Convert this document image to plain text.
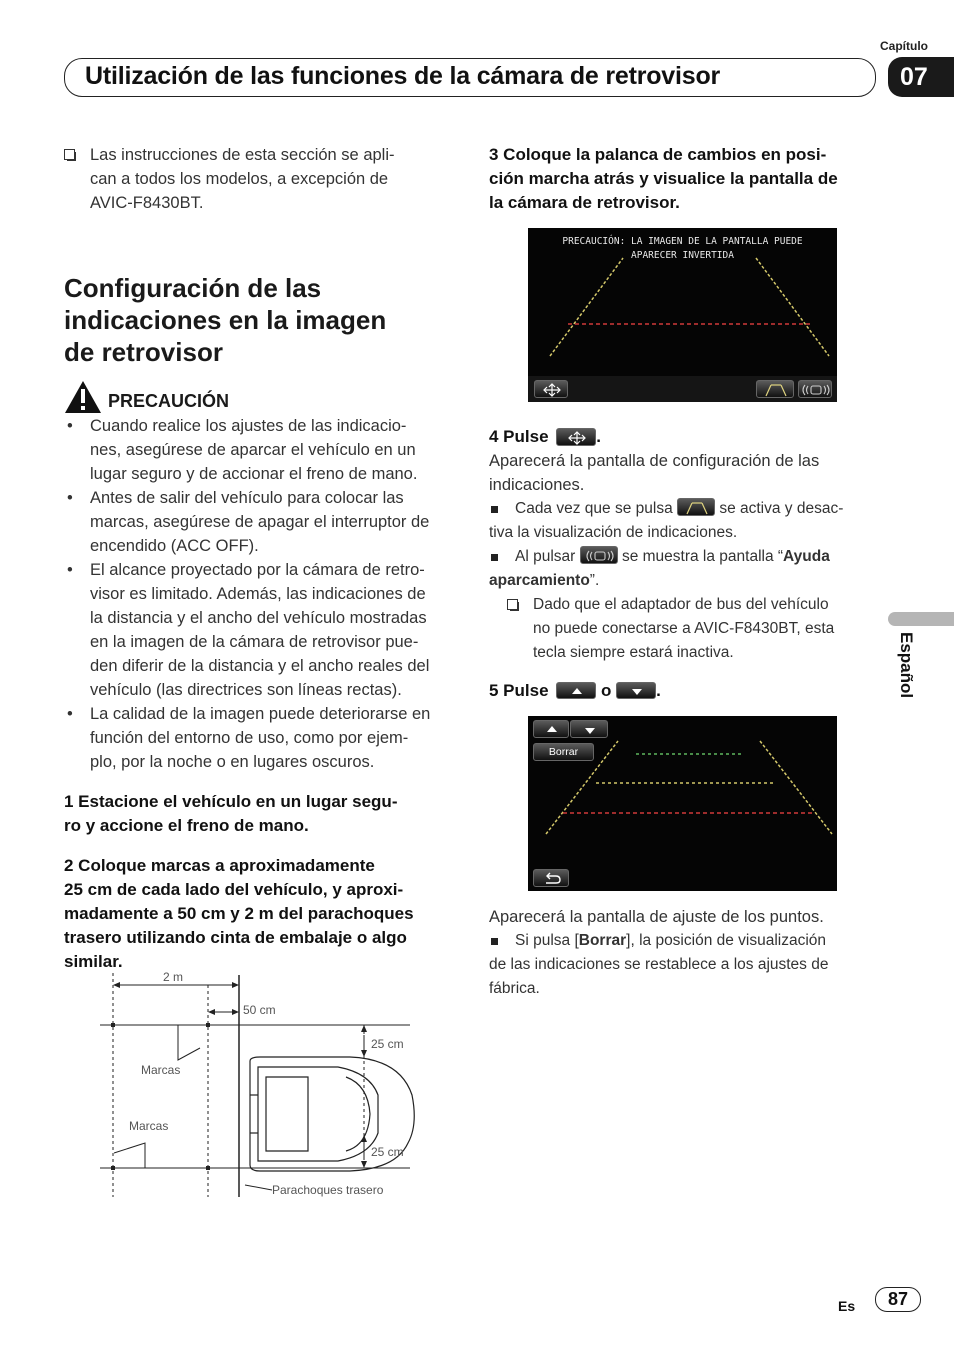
Capítulo
Utilización de las funciones de la cámara de retrovisor	07
Español
Las instrucciones de esta sección se apli-
can a todos los modelos, a excepción de
AVIC-F8430BT.
Configuración de las
indicaciones en la imagen
de retrovisor
PRECAUCIÓN
• Cuando realice los ajustes de las indicacio-
nes, asegúrese de aparcar el vehículo en un
lugar seguro y de accionar el freno de mano.
• Antes de salir del vehículo para colocar las
marcas, asegúrese de apagar el interruptor de
encendido (ACC OFF).
• El alcance proyectado por la cámara de retro-
visor es limitado. Además, las indicaciones de
la distancia y el ancho del vehículo mostradas
en la imagen de la cámara de retrovisor pue-
den diferir de la distancia y el ancho reales del
vehículo (las directrices son líneas rectas).
• La calidad de la imagen puede deteriorarse en
función del entorno de uso, como por ejem-
plo, por la noche o en lugares oscuros.
1 Estacione el vehículo en un lugar segu-
ro y accione el freno de mano.
2 Coloque marcas a aproximadamente
25 cm de cada lado del vehículo, y aproxi-
madamente a 50 cm y 2 m del parachoques
trasero utilizando cinta de embalaje o algo
similar.
2 m
50 cm
25 cm
25 cm
Marcas
Marcas
Parachoques trasero
3 Coloque la palanca de cambios en posi-
ción marcha atrás y visualice la pantalla de
la cámara de retrovisor.
PRECAUCIÓN: LA IMAGEN DE LA PANTALLA PUEDE
APARECER INVERTIDA
4 Pulse	.
Aparecerá la pantalla de configuración de las
indicaciones.
Cada vez que se pulsa	se activa y desac-
tiva la visualización de indicaciones.
Al pulsar	se muestra la pantalla “Ayuda
aparcamiento”.
Dado que el adaptador de bus del vehículo
no puede conectarse a AVIC-F8430BT, esta
tecla siempre estará inactiva.
5 Pulse	o	.
Borrar
Aparecerá la pantalla de ajuste de los puntos.
Si pulsa [Borrar], la posición de visualización
de las indicaciones se restablece a los ajustes de
fábrica.
Es	87
